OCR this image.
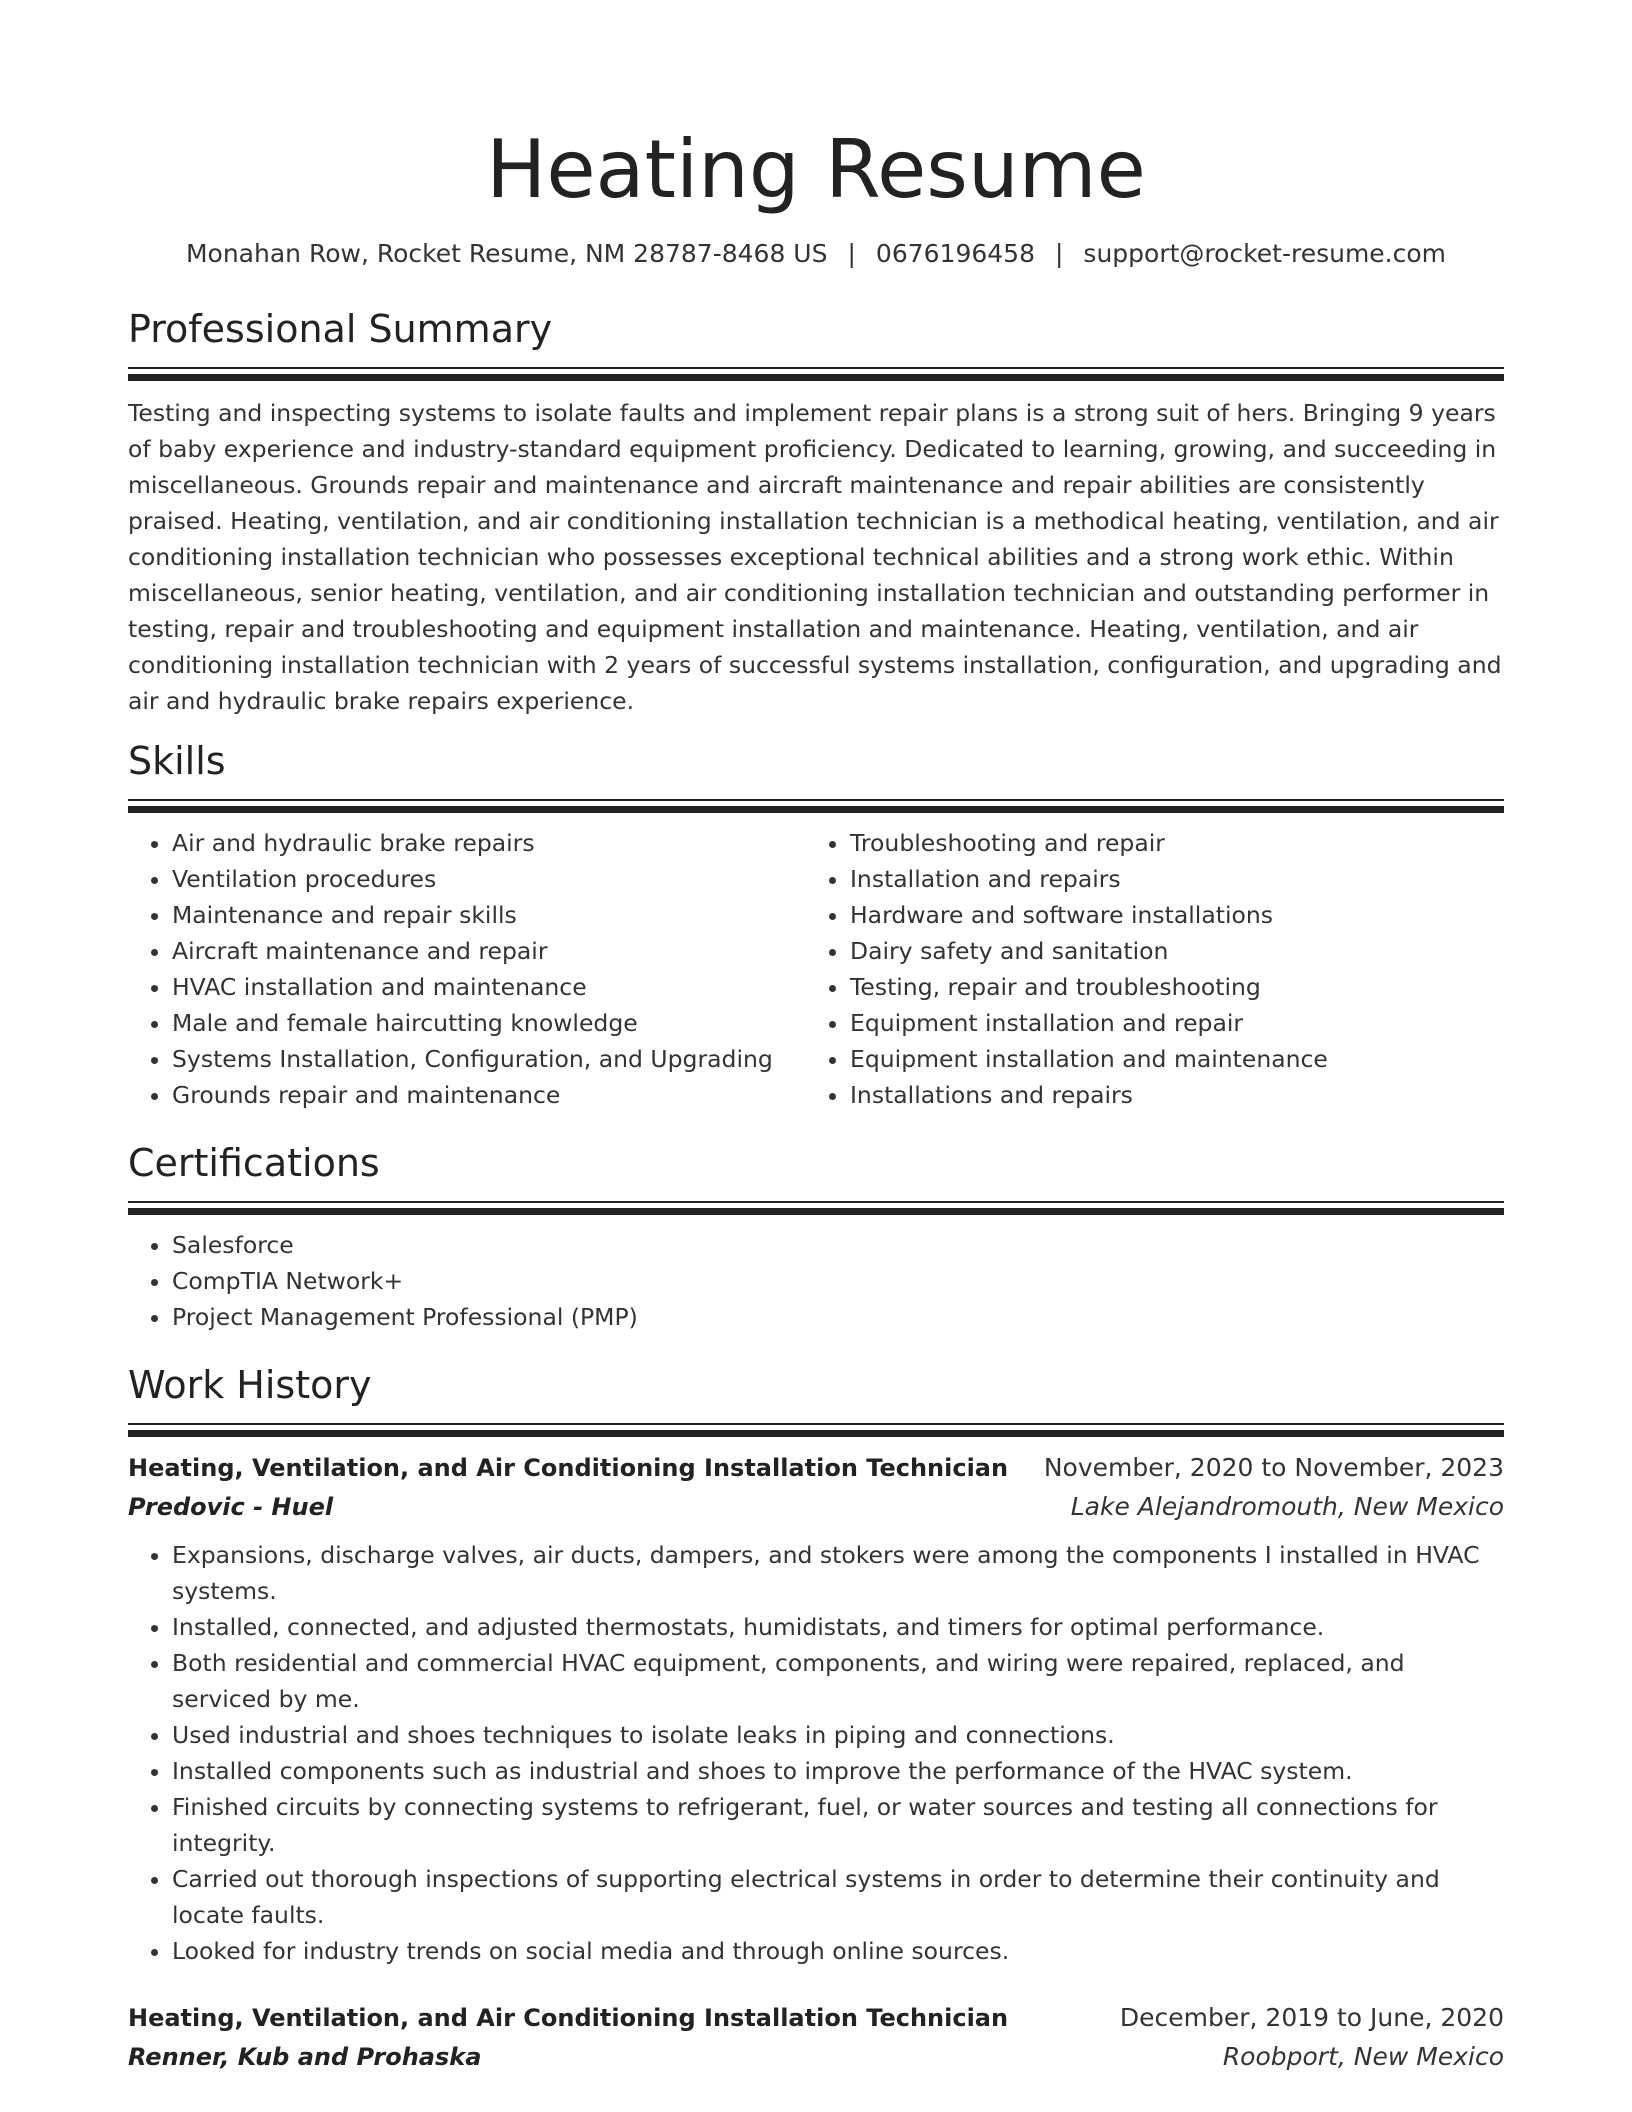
Heating Resume
Monahan Row, Rocket Resume, NM 28787-8468 US | 0676196458 | support@rocket-resume.com
Professional Summary

Testing and inspecting systems to isolate faults and implement repair plans is a strong suit of hers. Bringing 9 years of baby experience and industry-standard equipment proficiency. Dedicated to learning, growing, and succeeding in miscellaneous. Grounds repair and maintenance and aircraft maintenance and repair abilities are consistently praised. Heating, ventilation, and air conditioning installation technician is a methodical heating, ventilation, and air conditioning installation technician who possesses exceptional technical abilities and a strong work ethic. Within miscellaneous, senior heating, ventilation, and air conditioning installation technician and outstanding performer in testing, repair and troubleshooting and equipment installation and maintenance. Heating, ventilation, and air conditioning installation technician with 2 years of successful systems installation, configuration, and upgrading and air and hydraulic brake repairs experience.

Skills
• Air and hydraulic brake repairs
• Ventilation procedures
• Maintenance and repair skills
• Aircraft maintenance and repair
• HVAC installation and maintenance
• Male and female haircutting knowledge
• Systems Installation, Configuration, and Upgrading
• Grounds repair and maintenance
• Troubleshooting and repair
• Installation and repairs
• Hardware and software installations
• Dairy safety and sanitation
• Testing, repair and troubleshooting
• Equipment installation and repair
• Equipment installation and maintenance
• Installations and repairs
Certifications
• Salesforce
• CompTIA Network+
• Project Management Professional (PMP)
Work History
Heating, Ventilation, and Air Conditioning Installation Technician November, 2020 to November, 2023
Predovic - Huel	Lake Alejandromouth, New Mexico
• Expansions, discharge valves, air ducts, dampers, and stokers were among the components I installed in HVAC systems.
• Installed, connected, and adjusted thermostats, humidistats, and timers for optimal performance.
• Both residential and commercial HVAC equipment, components, and wiring were repaired, replaced, and serviced by me.
• Used industrial and shoes techniques to isolate leaks in piping and connections.
• Installed components such as industrial and shoes to improve the performance of the HVAC system.
• Finished circuits by connecting systems to refrigerant, fuel, or water sources and testing all connections for integrity.
• Carried out thorough inspections of supporting electrical systems in order to determine their continuity and locate faults.
• Looked for industry trends on social media and through online sources.
Heating, Ventilation, and Air Conditioning Installation Technician	December, 2019 to June, 2020
Renner, Kub and Prohaska	Roobport, New Mexico
